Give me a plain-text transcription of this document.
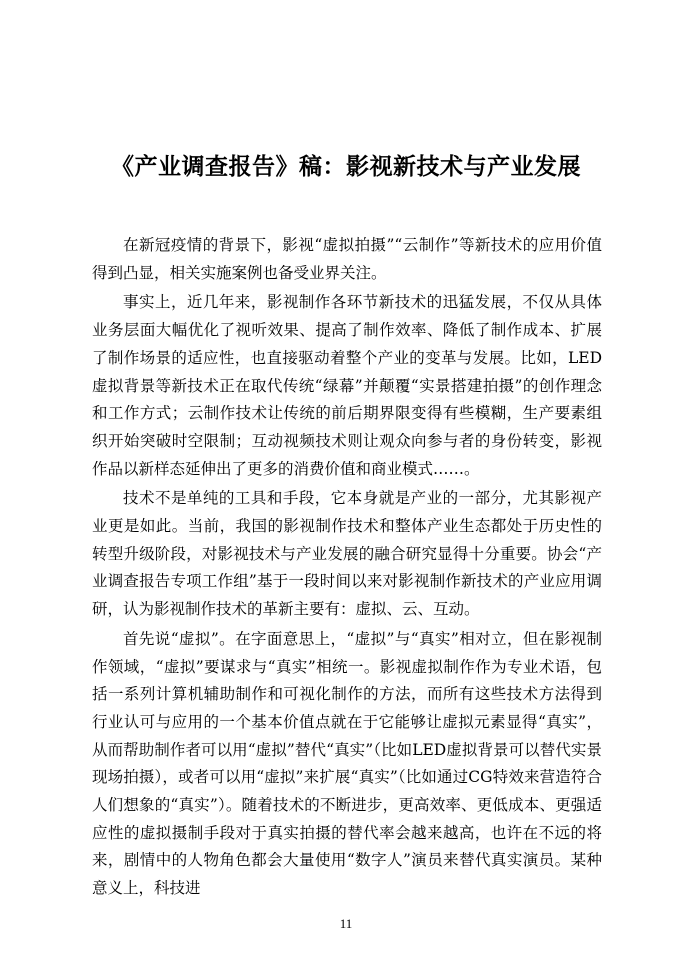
《产业调查报告》稿：影视新技术与产业发展

在新冠疫情的背景下，影视“虚拟拍摄”“云制作”等新技术的应用价值得到凸显，相关实施案例也备受业界关注。

事实上，近几年来，影视制作各环节新技术的迅猛发展，不仅从具体业务层面大幅优化了视听效果、提高了制作效率、降低了制作成本、扩展了制作场景的适应性，也直接驱动着整个产业的变革与发展。比如，LED虚拟背景等新技术正在取代传统“绿幕”并颠覆“实景搭建拍摄”的创作理念和工作方式；云制作技术让传统的前后期界限变得有些模糊，生产要素组织开始突破时空限制；互动视频技术则让观众向参与者的身份转变，影视作品以新样态延伸出了更多的消费价值和商业模式……。

技术不是单纯的工具和手段，它本身就是产业的一部分，尤其影视产业更是如此。当前，我国的影视制作技术和整体产业生态都处于历史性的转型升级阶段，对影视技术与产业发展的融合研究显得十分重要。协会“产业调查报告专项工作组”基于一段时间以来对影视制作新技术的产业应用调研，认为影视制作技术的革新主要有：虚拟、云、互动。

首先说“虚拟”。在字面意思上，“虚拟”与“真实”相对立，但在影视制作领域，“虚拟”要谋求与“真实”相统一。影视虚拟制作作为专业术语，包括一系列计算机辅助制作和可视化制作的方法，而所有这些技术方法得到行业认可与应用的一个基本价值点就在于它能够让虚拟元素显得“真实”，从而帮助制作者可以用“虚拟”替代“真实”（比如LED虚拟背景可以替代实景现场拍摄），或者可以用“虚拟”来扩展“真实”（比如通过CG特效来营造符合人们想象的“真实”）。随着技术的不断进步，更高效率、更低成本、更强适应性的虚拟摄制手段对于真实拍摄的替代率会越来越高，也许在不远的将来，剧情中的人物角色都会大量使用“数字人”演员来替代真实演员。某种意义上，科技进

11
